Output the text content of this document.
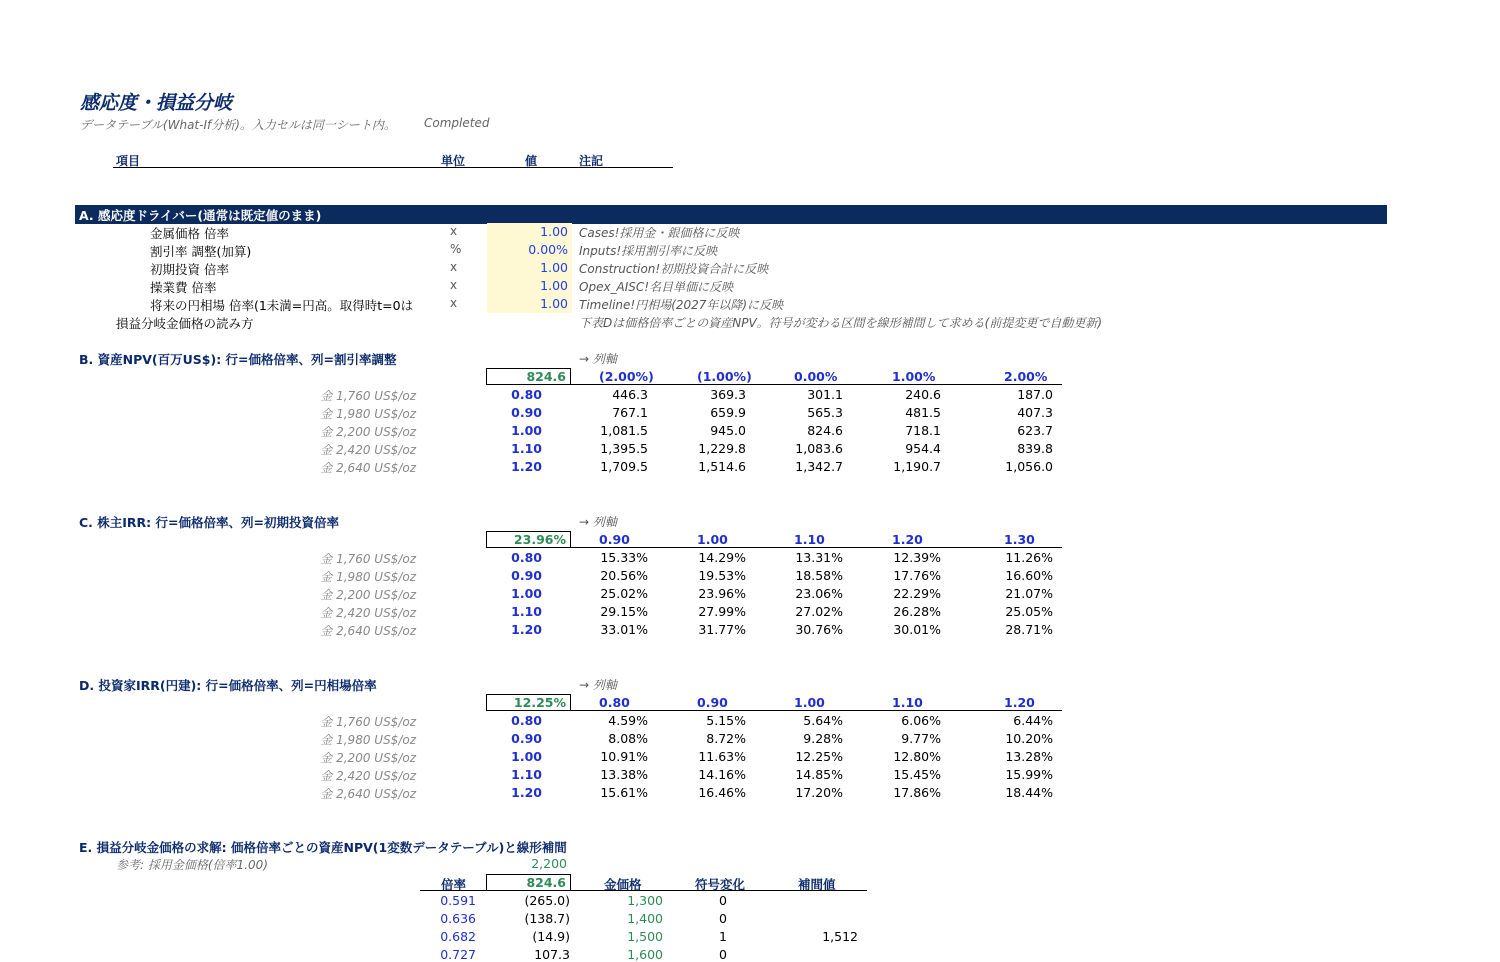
感応度・損益分岐
データテーブル(What-If分析)。入力セルは同一シート内。 Completed
項目	単位	値	注記
A. 感応度ドライバー(通常は既定値のまま)
金属価格 倍率	x	1.00 Cases!採用金・銀価格に反映
割引率 調整(加算)	%	0.00% Inputs!採用割引率に反映
初期投資 倍率	x	1.00 Construction!初期投資合計に反映
操業費 倍率	x	1.00 Opex_AISC!名目単価に反映
将来の円相場 倍率(1未満=円高。取得時t=0は	x	1.00 Timeline!円相場(2027年以降)に反映
損益分岐金価格の読み方	下表Dは価格倍率ごとの資産NPV。符号が変わる区間を線形補間して求める(前提変更で自動更新)
B. 資産NPV(百万US$): 行=価格倍率、列=割引率調整	→ 列軸
824.6	(2.00%)	(1.00%)	0.00%	1.00%	2.00%
金 1,760 US$/oz	0.80	446.3	369.3	301.1	240.6	187.0
金 1,980 US$/oz	0.90	767.1	659.9	565.3	481.5	407.3
金 2,200 US$/oz	1.00	1,081.5	945.0	824.6	718.1	623.7
金 2,420 US$/oz	1.10	1,395.5	1,229.8	1,083.6	954.4	839.8
金 2,640 US$/oz	1.20	1,709.5	1,514.6	1,342.7	1,190.7	1,056.0
C. 株主IRR: 行=価格倍率、列=初期投資倍率	→ 列軸
23.96%	0.90	1.00	1.10	1.20	1.30
金 1,760 US$/oz	0.80	15.33%	14.29%	13.31%	12.39%	11.26%
金 1,980 US$/oz	0.90	20.56%	19.53%	18.58%	17.76%	16.60%
金 2,200 US$/oz	1.00	25.02%	23.96%	23.06%	22.29%	21.07%
金 2,420 US$/oz	1.10	29.15%	27.99%	27.02%	26.28%	25.05%
金 2,640 US$/oz	1.20	33.01%	31.77%	30.76%	30.01%	28.71%
D. 投資家IRR(円建): 行=価格倍率、列=円相場倍率	→ 列軸
12.25%	0.80	0.90	1.00	1.10	1.20
金 1,760 US$/oz	0.80	4.59%	5.15%	5.64%	6.06%	6.44%
金 1,980 US$/oz	0.90	8.08%	8.72%	9.28%	9.77%	10.20%
金 2,200 US$/oz	1.00	10.91%	11.63%	12.25%	12.80%	13.28%
金 2,420 US$/oz	1.10	13.38%	14.16%	14.85%	15.45%	15.99%
金 2,640 US$/oz	1.20	15.61%	16.46%	17.20%	17.86%	18.44%
E. 損益分岐金価格の求解: 価格倍率ごとの資産NPV(1変数データテーブル)と線形補間
参考: 採用金価格(倍率1.00)	2,200
倍率	824.6	金価格	符号変化	補間値
0.591	(265.0)	1,300	0
0.636	(138.7)	1,400	0
0.682	(14.9)	1,500	1	1,512
0.727	107.3	1,600	0
